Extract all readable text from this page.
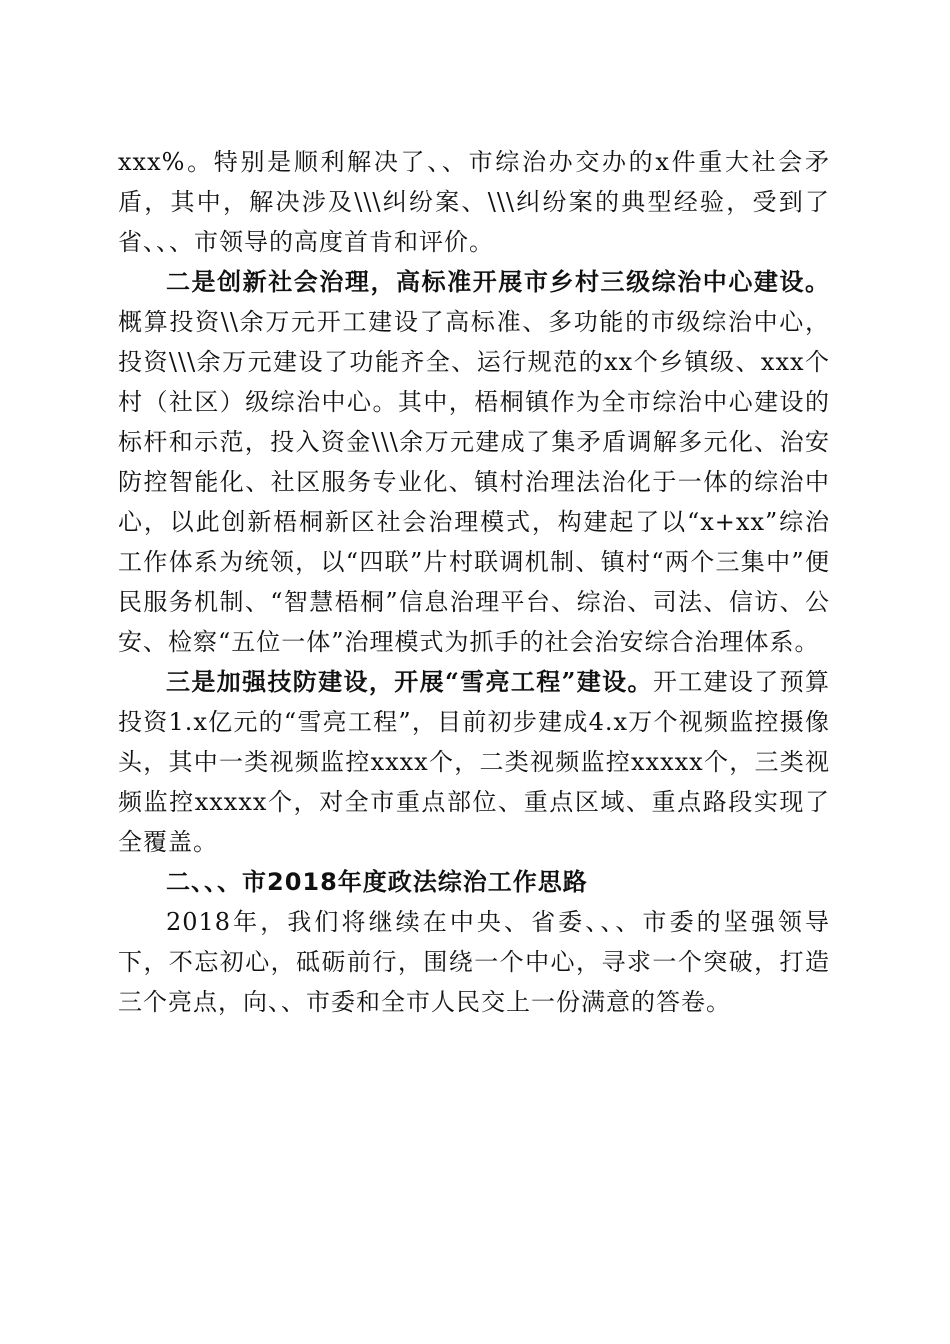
xxx%。特别是顺利解决了、、市综治办交办的x件重大社会矛盾，其中，解决涉及\\\纠纷案、\\\纠纷案的典型经验，受到了省、、、市领导的高度首肯和评价。

二是创新社会治理，高标准开展市乡村三级综治中心建设。概算投资\\余万元开工建设了高标准、多功能的市级综治中心，投资\\\余万元建设了功能齐全、运行规范的xx个乡镇级、xxx个村（社区）级综治中心。其中，梧桐镇作为全市综治中心建设的标杆和示范，投入资金\\\余万元建成了集矛盾调解多元化、治安防控智能化、社区服务专业化、镇村治理法治化于一体的综治中心，以此创新梧桐新区社会治理模式，构建起了以“x+xx”综治工作体系为统领，以“四联”片村联调机制、镇村“两个三集中”便民服务机制、“智慧梧桐”信息治理平台、综治、司法、信访、公安、检察“五位一体”治理模式为抓手的社会治安综合治理体系。

三是加强技防建设，开展“雪亮工程”建设。开工建设了预算投资1.x亿元的“雪亮工程”，目前初步建成4.x万个视频监控摄像头，其中一类视频监控xxxx个，二类视频监控xxxxx个，三类视频监控xxxxx个，对全市重点部位、重点区域、重点路段实现了全覆盖。

二、、、市2018年度政法综治工作思路

2018年，我们将继续在中央、省委、、、市委的坚强领导下，不忘初心，砥砺前行，围绕一个中心，寻求一个突破，打造三个亮点，向、、市委和全市人民交上一份满意的答卷。
